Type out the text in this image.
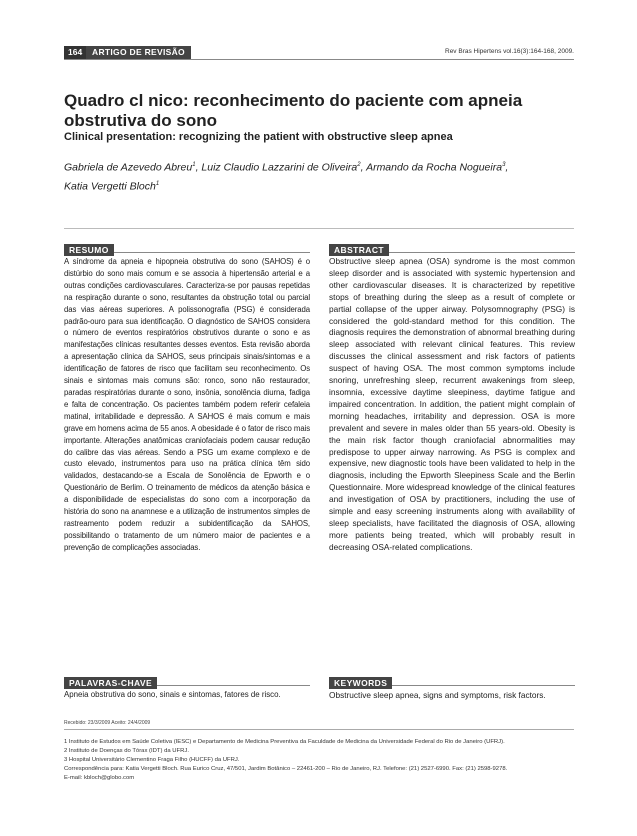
164	ARTIGO DE REVISÃO	Rev Bras Hipertens vol.16(3):164-168, 2009.
Quadro cl nico: reconhecimento do paciente com apneia obstrutiva do sono
Clinical presentation: recognizing the patient with obstructive sleep apnea
Gabriela de Azevedo Abreu$^1$, Luiz Claudio Lazzarini de Oliveira$^2$, Armando da Rocha Nogueira$^3$,
Katia Vergetti Bloch$^1$
RESUMO

A síndrome da apneia e hipopneia obstrutiva do sono (SAHOS) é o distúrbio do sono mais comum e se associa à hipertensão arterial e a outras condições cardiovasculares. Caracteriza-se por pausas repetidas na respiração durante o sono, resultantes da obstrução total ou parcial das vias aéreas superiores. A polissonografia (PSG) é considerada padrão-ouro para sua identificação. O diagnóstico de SAHOS considera o número de eventos respiratórios obstrutivos durante o sono e as manifestações clínicas resultantes desses eventos. Esta revisão aborda a apresentação clínica da SAHOS, seus principais sinais/sintomas e a identificação de fatores de risco que facilitam seu reconhecimento. Os sinais e sintomas mais comuns são: ronco, sono não restaurador, paradas respiratórias durante o sono, insônia, sonolência diurna, fadiga e falta de concentração. Os pacientes também podem referir cefaleia matinal, irritabilidade e depressão. A SAHOS é mais comum e mais grave em homens acima de 55 anos. A obesidade é o fator de risco mais importante. Alterações anatômicas craniofaciais podem causar redução do calibre das vias aéreas. Sendo a PSG um exame complexo e de custo elevado, instrumentos para uso na prática clínica têm sido validados, destacando-se a Escala de Sonolência de Epworth e o Questionário de Berlim. O treinamento de médicos da atenção básica e a disponibilidade de especialistas do sono com a incorporação da história do sono na anamnese e a utilização de instrumentos simples de rastreamento podem reduzir a subidentificação da SAHOS, possibilitando o tratamento de um número maior de pacientes e a prevenção de complicações associadas.

ABSTRACT

Obstructive sleep apnea (OSA) syndrome is the most common sleep disorder and is associated with systemic hypertension and other cardiovascular diseases. It is characterized by repetitive stops of breathing during the sleep as a result of complete or partial collapse of the upper airway. Polysomnography (PSG) is considered the gold-standard method for this condition. The diagnosis requires the demonstration of abnormal breathing during sleep associated with relevant clinical features. This review discusses the clinical assessment and risk factors of patients suspect of having OSA. The most common symptoms include snoring, unrefreshing sleep, recurrent awakenings from sleep, insomnia, excessive daytime sleepiness, daytime fatigue and impaired concentration. In addition, the patient might complain of morning headaches, irritability and depression. OSA is more prevalent and severe in males older than 55 years-old. Obesity is the main risk factor though craniofacial abnormalities may predispose to upper airway narrowing. As PSG is complex and expensive, new diagnostic tools have been validated to help in the diagnosis, including the Epworth Sleepiness Scale and the Berlin Questionnaire. More widespread knowledge of the clinical features and investigation of OSA by practitioners, including the use of simple and easy screening instruments along with availability of sleep specialists, have facilitated the diagnosis of OSA, allowing more patients being treated, which will probably result in decreasing OSA-related complications.

PALAVRAS-CHAVE

Apneia obstrutiva do sono, sinais e sintomas, fatores de risco.

KEYWORDS

Obstructive sleep apnea, signs and symptoms, risk factors.

Recebido: 23/3/2009 Aceito: 24/4/2009
1 Instituto de Estudos em Saúde Coletiva (IESC) e Departamento de Medicina Preventiva da Faculdade de Medicina da Universidade Federal do Rio de Janeiro (UFRJ).
2 Instituto de Doenças do Tórax (IDT) da UFRJ.
3 Hospital Universitário Clementino Fraga Filho (HUCFF) da UFRJ.
Correspondência para: Katia Vergetti Bloch. Rua Eurico Cruz, 47/501, Jardim Botânico – 22461-200 – Rio de Janeiro, RJ. Telefone: (21) 2527-6990. Fax: (21) 2598-9278.
E-mail: kbloch@globo.com
